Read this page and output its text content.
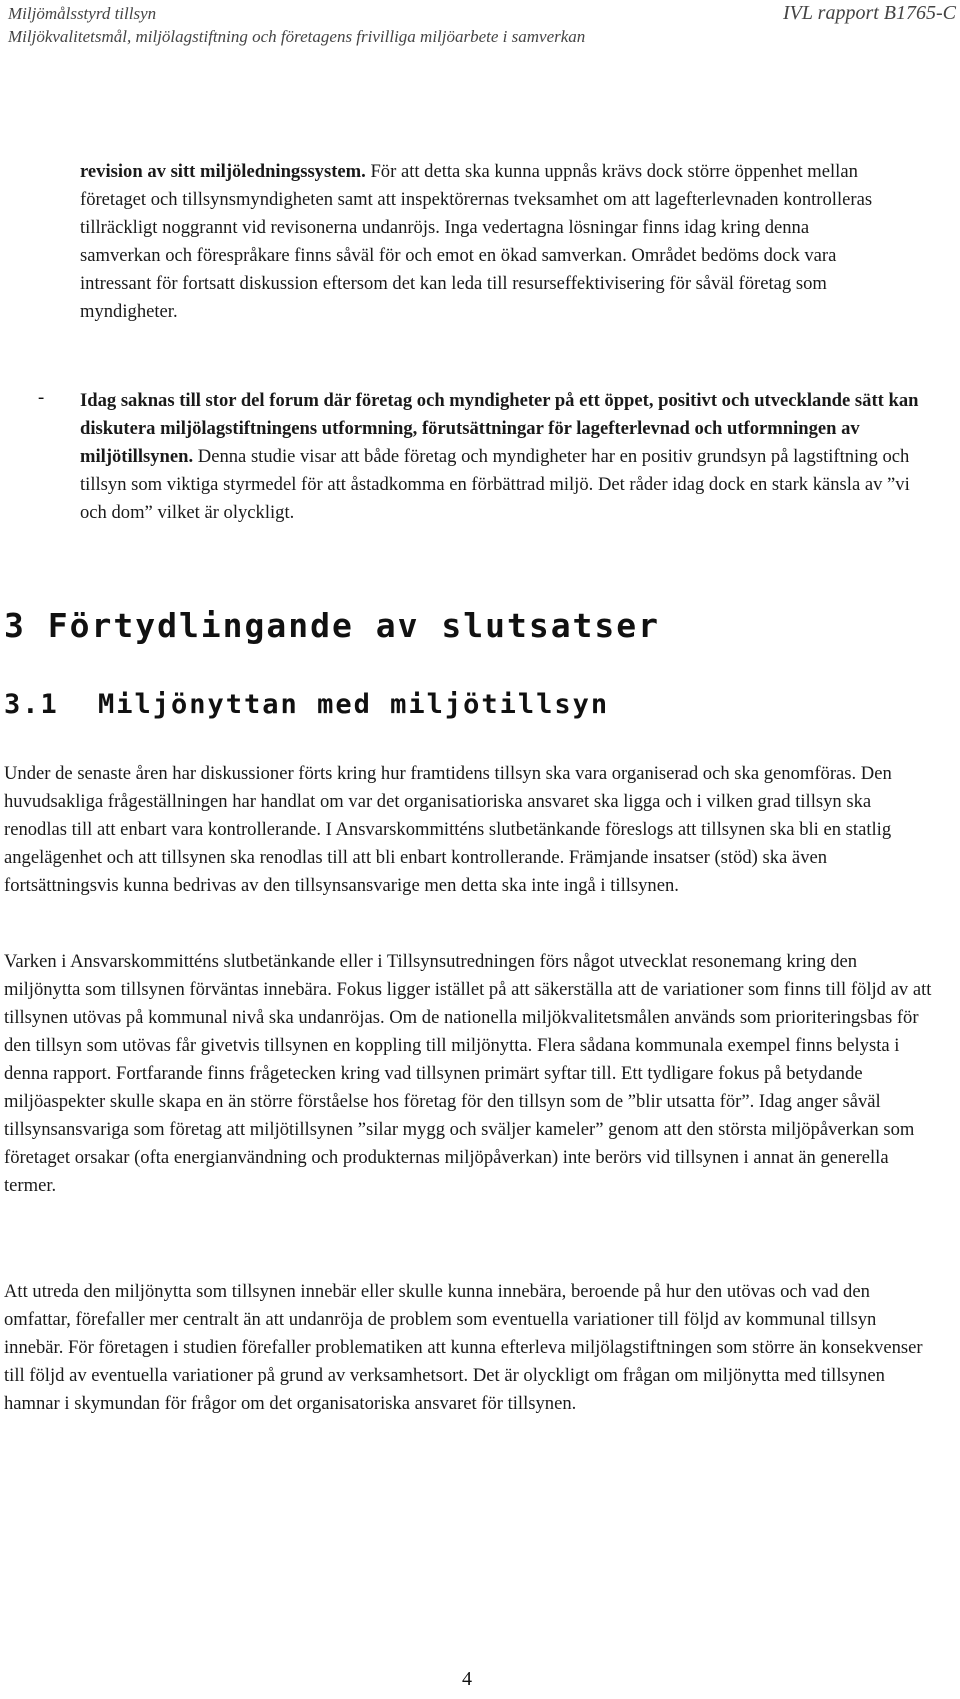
Miljömålsstyrd tillsyn
Miljökvalitetsmål, miljölagstiftning och företagens frivilliga miljöarbete i samverkan
IVL rapport B1765-C

revision av sitt miljöledningssystem. För att detta ska kunna uppnås krävs dock större öppenhet mellan företaget och tillsynsmyndigheten samt att inspektörernas tveksamhet om att lagefterlevnaden kontrolleras tillräckligt noggrannt vid revisonerna undanröjs. Inga vedertagna lösningar finns idag kring denna samverkan och förespråkare finns såväl för och emot en ökad samverkan. Området bedöms dock vara intressant för fortsatt diskussion eftersom det kan leda till resurseffektivisering för såväl företag som myndigheter.

- Idag saknas till stor del forum där företag och myndigheter på ett öppet, positivt och utvecklande sätt kan diskutera miljölagstiftningens utformning, förutsättningar för lagefterlevnad och utformningen av miljötillsynen. Denna studie visar att både företag och myndigheter har en positiv grundsyn på lagstiftning och tillsyn som viktiga styrmedel för att åstadkomma en förbättrad miljö. Det råder idag dock en stark känsla av ”vi och dom” vilket är olyckligt.

3 Förtydlingande av slutsatser
3.1 Miljönyttan med miljötillsyn

Under de senaste åren har diskussioner förts kring hur framtidens tillsyn ska vara organiserad och ska genomföras. Den huvudsakliga frågeställningen har handlat om var det organisatioriska ansvaret ska ligga och i vilken grad tillsyn ska renodlas till att enbart vara kontrollerande. I Ansvarskommitténs slutbetänkande föreslogs att tillsynen ska bli en statlig angelägenhet och att tillsynen ska renodlas till att bli enbart kontrollerande. Främjande insatser (stöd) ska även fortsättningsvis kunna bedrivas av den tillsynsansvarige men detta ska inte ingå i tillsynen.

Varken i Ansvarskommitténs slutbetänkande eller i Tillsynsutredningen förs något utvecklat resonemang kring den miljönytta som tillsynen förväntas innebära. Fokus ligger istället på att säkerställa att de variationer som finns till följd av att tillsynen utövas på kommunal nivå ska undanröjas. Om de nationella miljökvalitetsmålen används som prioriteringsbas för den tillsyn som utövas får givetvis tillsynen en koppling till miljönytta. Flera sådana kommunala exempel finns belysta i denna rapport. Fortfarande finns frågetecken kring vad tillsynen primärt syftar till. Ett tydligare fokus på betydande miljöaspekter skulle skapa en än större förståelse hos företag för den tillsyn som de ”blir utsatta för”. Idag anger såväl tillsynsansvariga som företag att miljötillsynen ”silar mygg och sväljer kameler” genom att den största miljöpåverkan som företaget orsakar (ofta energianvändning och produkternas miljöpåverkan) inte berörs vid tillsynen i annat än generella termer.

Att utreda den miljönytta som tillsynen innebär eller skulle kunna innebära, beroende på hur den utövas och vad den omfattar, förefaller mer centralt än att undanröja de problem som eventuella variationer till följd av kommunal tillsyn innebär. För företagen i studien förefaller problematiken att kunna efterleva miljölagstiftningen som större än konsekvenser till följd av eventuella variationer på grund av verksamhetsort. Det är olyckligt om frågan om miljönytta med tillsynen hamnar i skymundan för frågor om det organisatoriska ansvaret för tillsynen.

4
